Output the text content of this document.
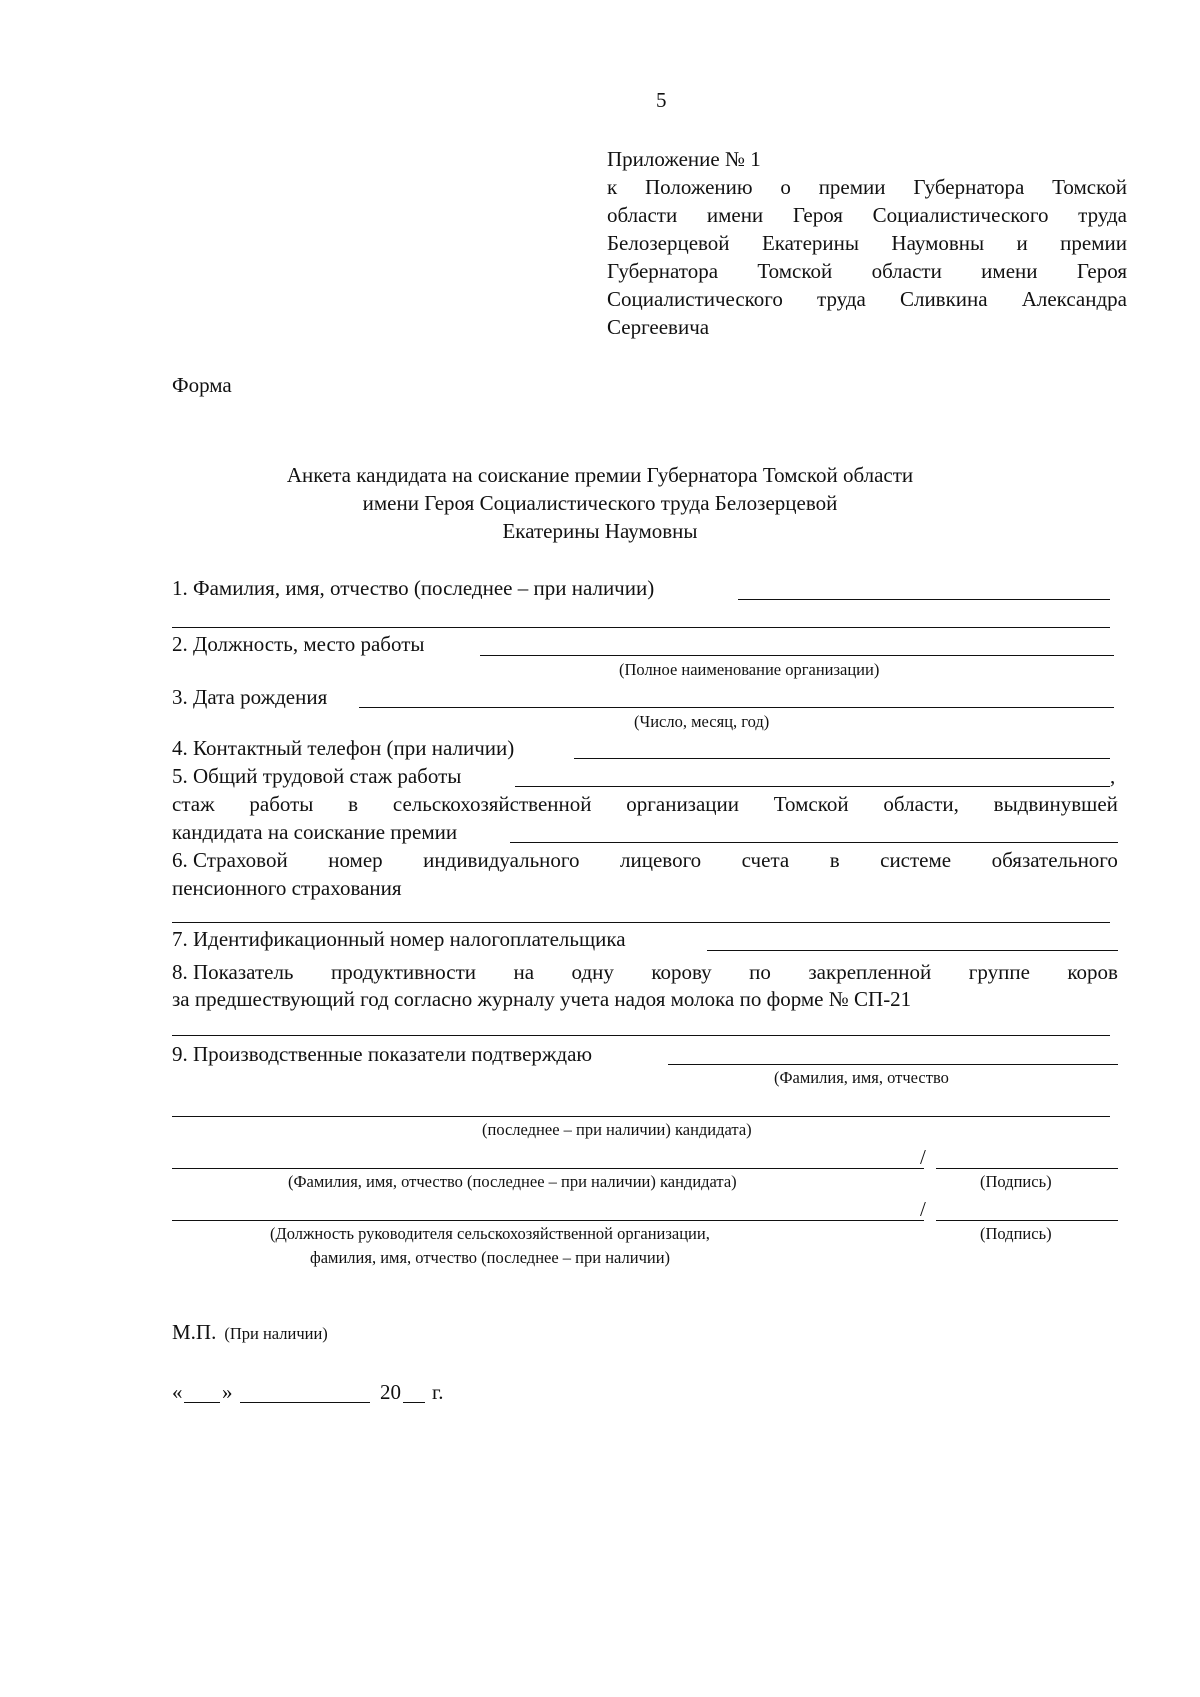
5
Приложение № 1
к Положению о премии Губернатора Томской
области имени Героя Социалистического труда
Белозерцевой Екатерины Наумовны и премии
Губернатора Томской области имени Героя
Социалистического труда Сливкина Александра
Сергеевича
Форма
Анкета кандидата на соискание премии Губернатора Томской области
имени Героя Социалистического труда Белозерцевой
Екатерины Наумовны
1. Фамилия, имя, отчество (последнее – при наличии)
2. Должность, место работы
(Полное наименование организации)
3. Дата рождения
(Число, месяц, год)
4. Контактный телефон (при наличии)
5. Общий трудовой стаж работы	,
стаж работы в сельскохозяйственной организации Томской области, выдвинувшей
кандидата на соискание премии
6. Страховой номер индивидуального лицевого счета в системе обязательного
пенсионного страхования
7. Идентификационный номер налогоплательщика
8. Показатель продуктивности на одну корову по закрепленной группе коров
за предшествующий год согласно журналу учета надоя молока по форме № СП-21
9. Производственные показатели подтверждаю
(Фамилия, имя, отчество
(последнее – при наличии) кандидата)
/
(Фамилия, имя, отчество (последнее – при наличии) кандидата)	(Подпись)
/
(Должность руководителя сельскохозяйственной организации,	(Подпись)
фамилия, имя, отчество (последнее – при наличии)
М.П. (При наличии)
« »	20 г.
